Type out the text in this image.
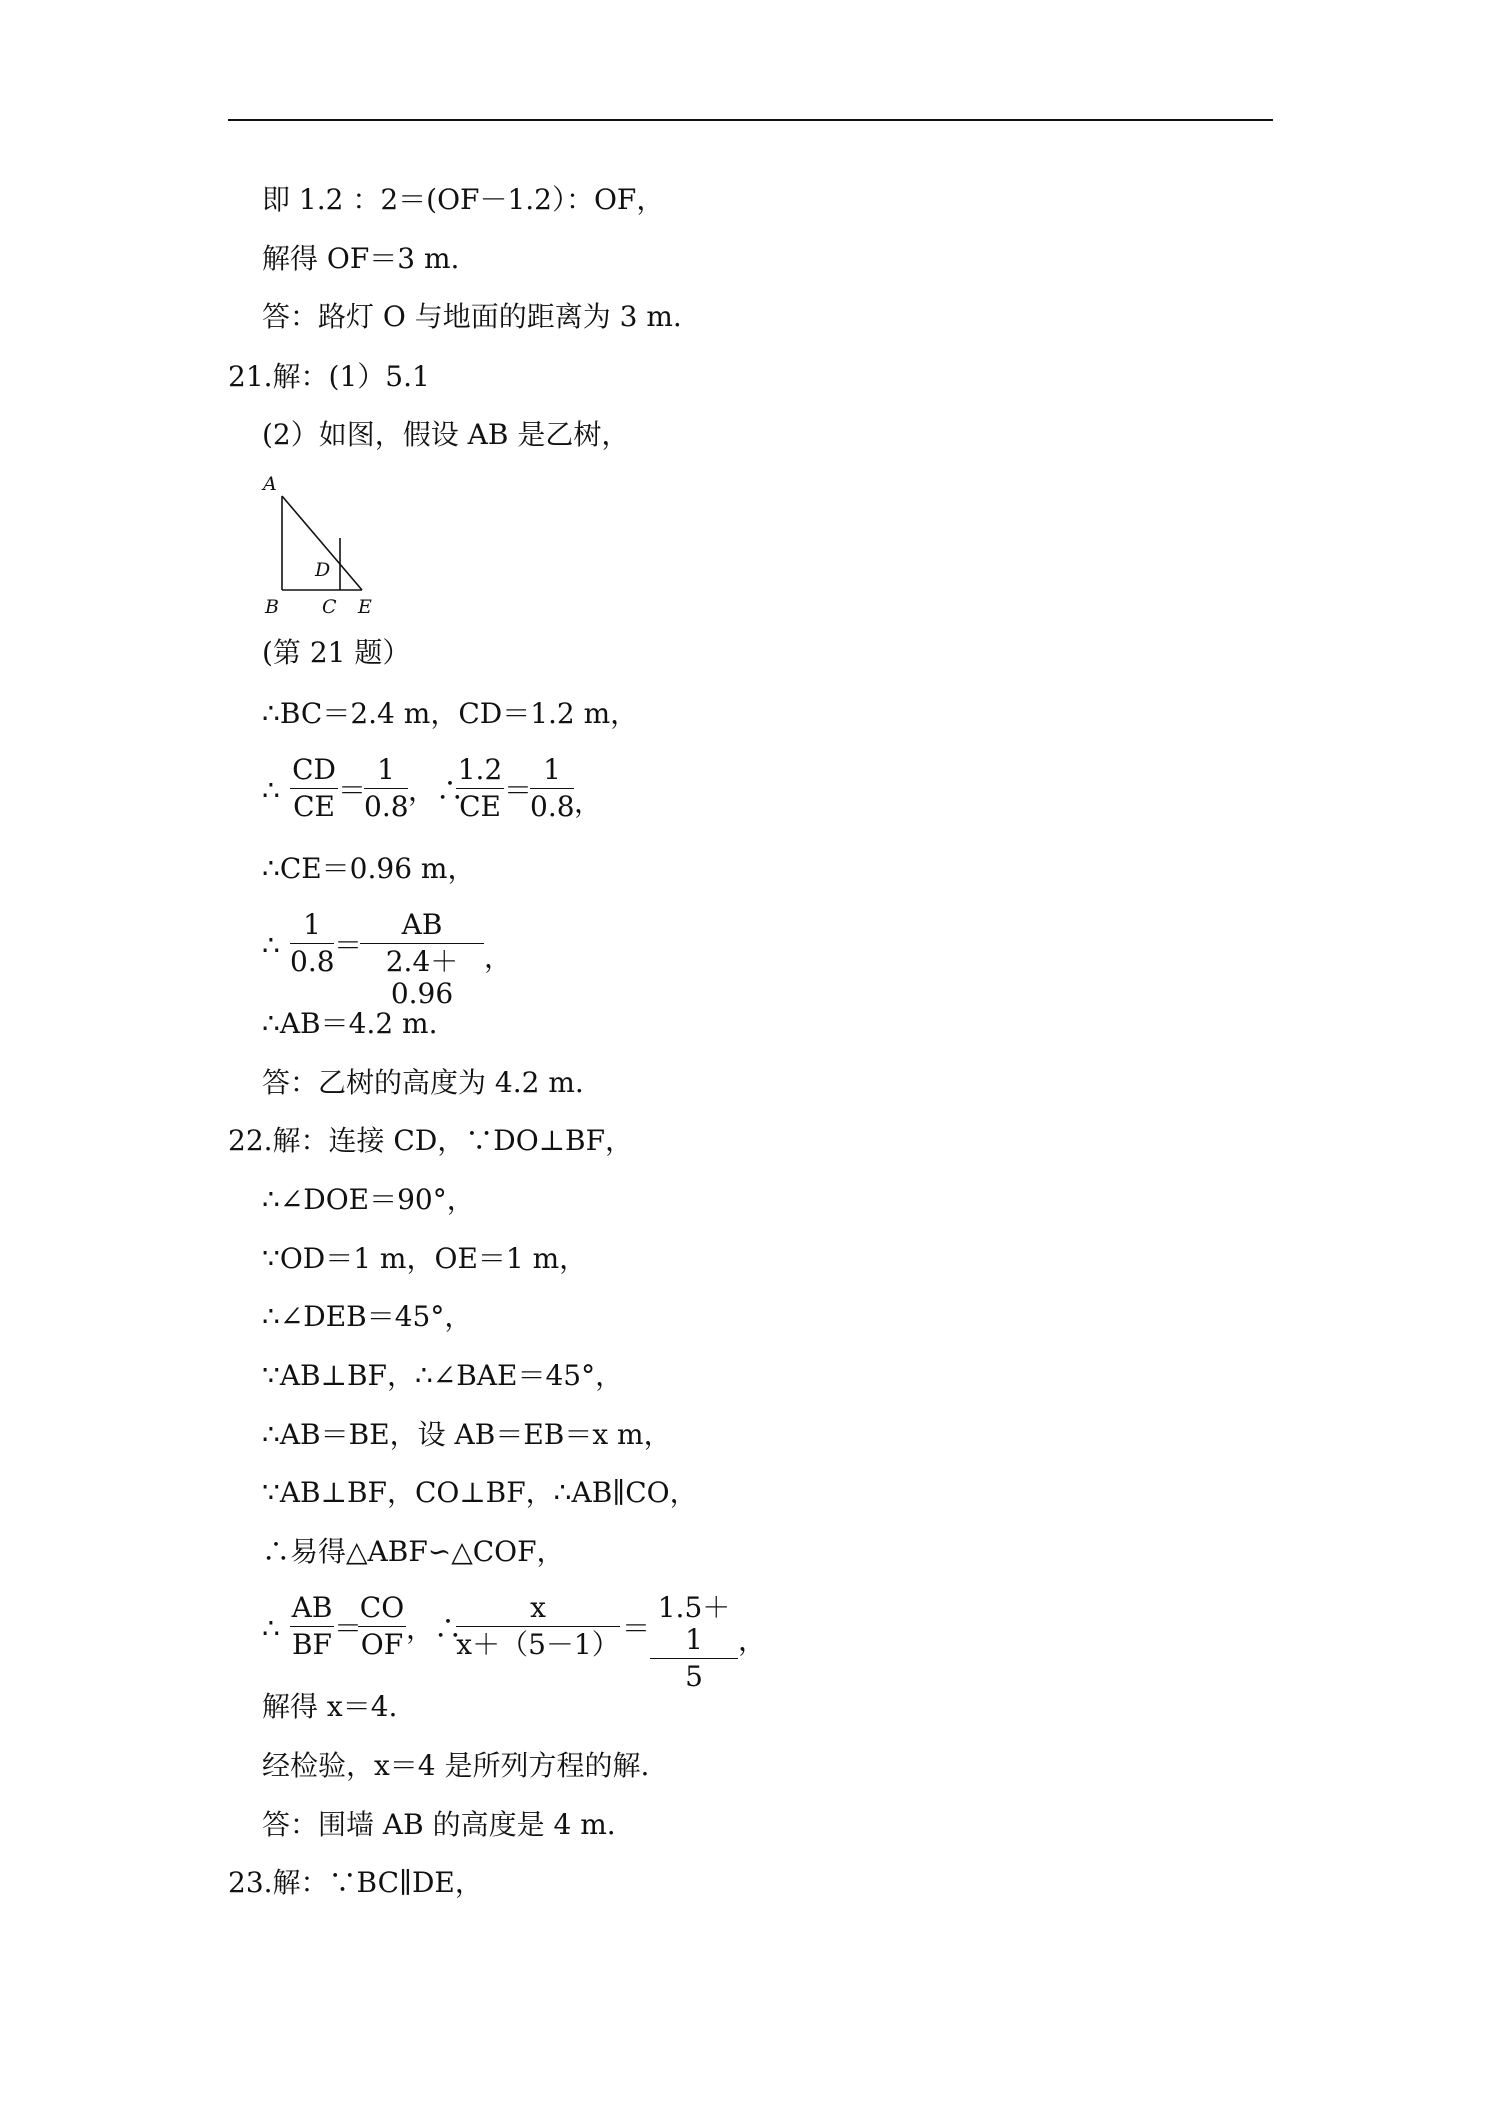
即 1.2 ：2＝(OF－1.2）：OF，
解得 OF＝3 m.
答：路灯 O 与地面的距离为 3 m.
21.解：(1）5.1
(2）如图，假设 AB 是乙树，
A
B C
D
E
(第 21 题）
∴BC＝2.4 m，CD＝1.2 m，
∴
CD
CE ＝
1
0.8 ，∴
1.2
CE ＝
1
0.8 ，
∴CE＝0.96 m，
∴
1
0.8 ＝
AB
2.4＋0.96
，
∴AB＝4.2 m.
答：乙树的高度为 4.2 m.
22.解：连接 CD，∵DO⊥BF，
∴∠DOE＝90°，
∵OD＝1 m，OE＝1 m，
∴∠DEB＝45°，
∵AB⊥BF，∴∠BAE＝45°，
∴AB＝BE，设 AB＝EB＝x m，
∵AB⊥BF，CO⊥BF，∴AB∥CO，
∴易得△ABF∽△COF，
∴
AB
BF ＝
CO
OF ，∴
x
x＋（5－1） ＝
1.5＋1
5
，
解得 x＝4.
经检验，x＝4 是所列方程的解.
答：围墙 AB 的高度是 4 m.
23.解：∵BC∥DE，
